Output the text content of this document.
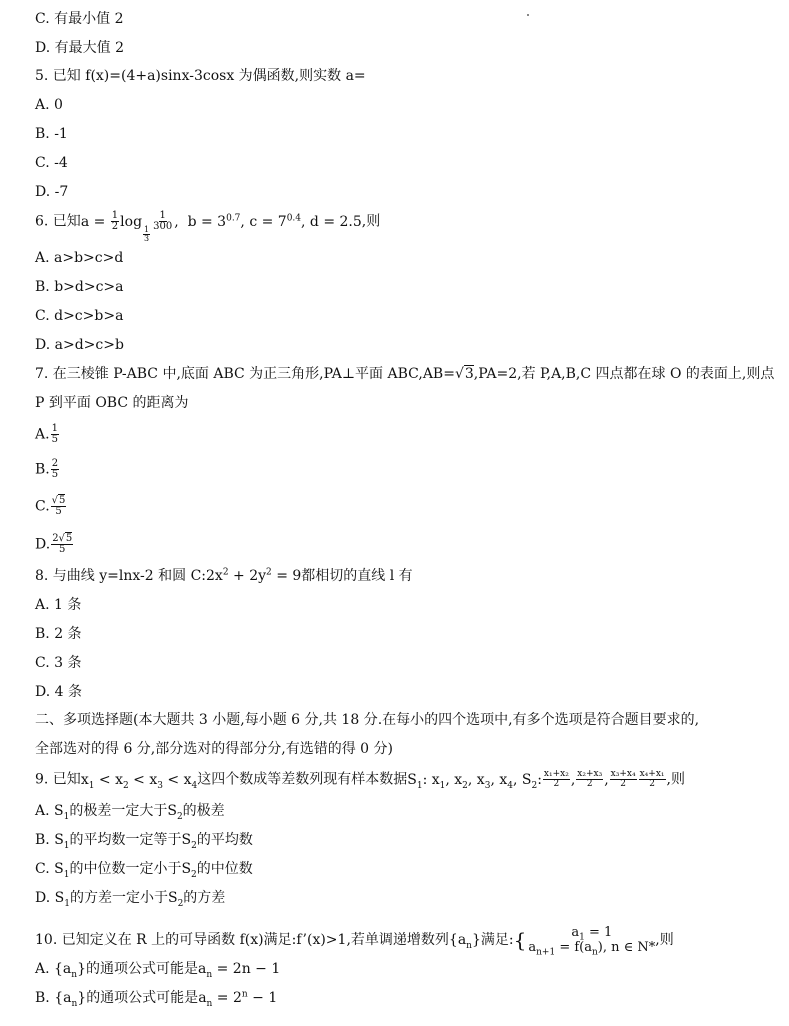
C. 有最小值 2
D. 有最大值 2
5. 已知 f(x)=(4+a)sinx-3cosx 为偶函数,则实数 a=
A. 0
B. -1
C. -4
D. -7
6. 已知$a = \frac{1}{2}$ log
$\frac{1}{3}$
$\frac{1}{300}$ ,  $b = 3^{0.7}$, $c = 7^{0.4}$, d = 2.5,则
A. a>b>c>d
B. b>d>c>a
C. d>c>b>a
D. a>d>c>b
7. 在三棱锥 P-ABC 中,底面 ABC 为正三角形,PA⊥平面 ABC,AB=√3,PA=2,若 P,A,B,C 四点都在球 O 的表面上,则点
P 到平面 OBC 的距离为
A. $\frac{1}{5}$
B. $\frac{2}{5}$
C. $\frac{√5}{5}$
D. $\frac{2√5}{5}$
8. 与曲线 y=lnx-2 和圆 $C:2x^2 + 2y^2 = 9$都相切的直线 l 有
A. 1 条
B. 2 条
C. 3 条
D. 4 条
二、多项选择题(本大题共 3 小题,每小题 6 分,共 18 分.在每小的四个选项中,有多个选项是符合题目要求的,
全部选对的得 6 分,部分选对的得部分分,有选错的得 0 分)
9. 已知$x_1 < x_2 < x_3 < x_4$这四个数成等差数列现有样本数据$S_1$: $x_1$, $x_2$, $x_3$, $x_4$, $S_2$: $\frac{\text{x₁+x₂}}{2}$ , $\frac{\text{x₂+x₃}}{2}$ , $\frac{\text{x₃+x₄}}{2} \frac{\text{x₄+x₁}}{2}$ ,则
A. $S_1$的极差一定大于$S_2$的极差
B. $S_1$的平均数一定等于$S_2$的平均数
C. $S_1$的中位数一定小于$S_2$的中位数
D. $S_1$的方差一定小于$S_2$的方差
10. 已知定义在 R 上的可导函数 f(x)满足:f’(x)>1,若单调递增数列$\{a_n\}$满足:{	$a_1 = 1$
$a_{n+1} = f(a_n)$, n ∈ N* ,则
A. $\{a_n\}$的通项公式可能是$a_n = 2n - 1$
B. $\{a_n\}$的通项公式可能是$a_n = 2^n - 1$
